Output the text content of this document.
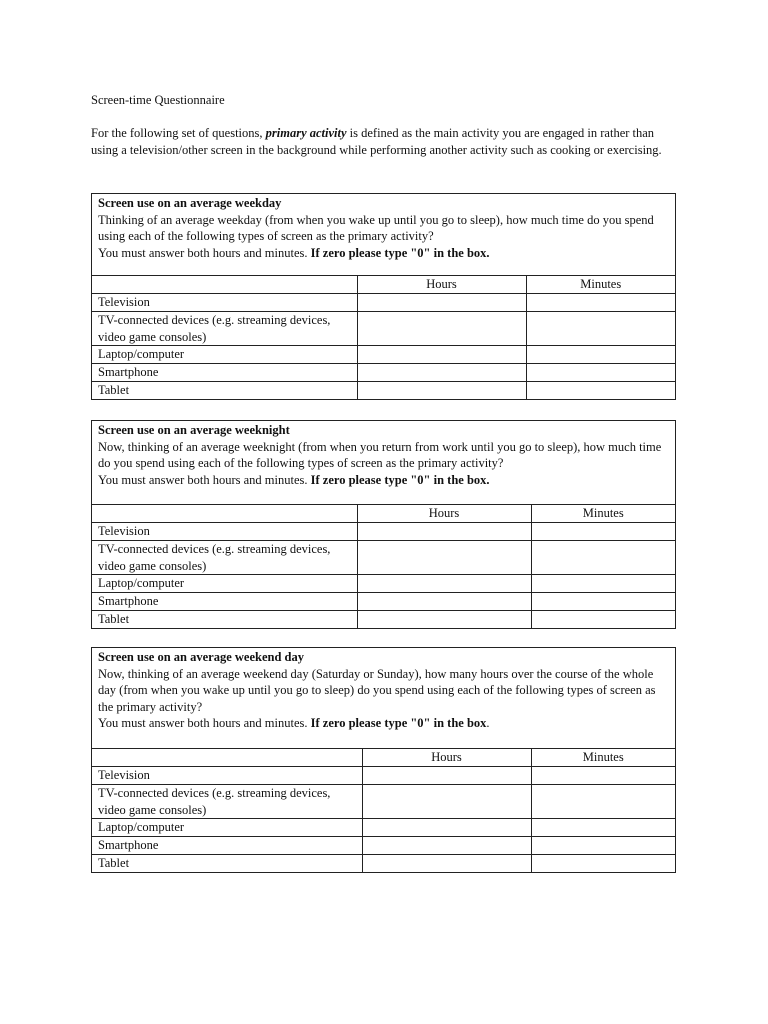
Screen-time Questionnaire
For the following set of questions, primary activity is defined as the main activity you are engaged in rather than using a television/other screen in the background while performing another activity such as cooking or exercising.
Screen use on an average weekday
Thinking of an average weekday (from when you wake up until you go to sleep), how much time do you spend using each of the following types of screen as the primary activity?
You must answer both hours and minutes. If zero please type "0" in the box.
	Hours	Minutes
Television		
TV-connected devices (e.g. streaming devices, video game consoles)		
Laptop/computer		
Smartphone		
Tablet		
Screen use on an average weeknight
Now, thinking of an average weeknight (from when you return from work until you go to sleep), how much time do you spend using each of the following types of screen as the primary activity?
You must answer both hours and minutes. If zero please type "0" in the box.
	Hours	Minutes
Television		
TV-connected devices (e.g. streaming devices, video game consoles)		
Laptop/computer		
Smartphone		
Tablet		
Screen use on an average weekend day
Now, thinking of an average weekend day (Saturday or Sunday), how many hours over the course of the whole day (from when you wake up until you go to sleep) do you spend using each of the following types of screen as the primary activity?
You must answer both hours and minutes. If zero please type "0" in the box.
	Hours	Minutes
Television		
TV-connected devices (e.g. streaming devices, video game consoles)		
Laptop/computer		
Smartphone		
Tablet		
